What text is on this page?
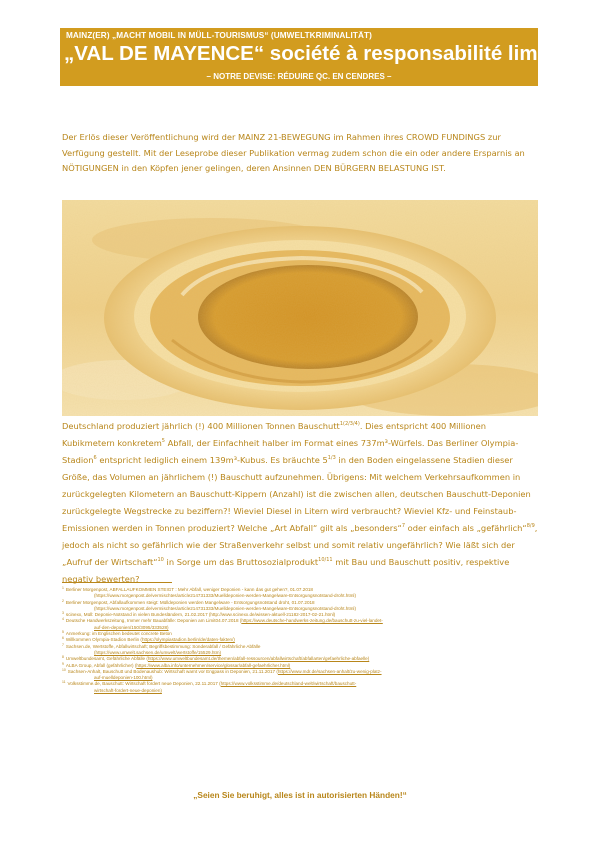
MAINZ(ER) „MACHT MOBIL IN MÜLL-TOURISMUS“ (UMWELTKRIMINALITÄT)
„VAL DE MAYENCE“ société à responsabilité limitée“
– NOTRE DEVISE: RÉDUIRE QC. EN CENDRES –

Der Erlös dieser Veröffentlichung wird der MAINZ 21-BEWEGUNG im Rahmen ihres CROWD FUNDINGS zur Verfügung gestellt. Mit der Leseprobe dieser Publikation vermag zudem schon die ein oder andere Ersparnis an NÖTIGUNGEN in den Köpfen jener gelingen, deren Ansinnen DEN BÜRGERN BELASTUNG IST.

Deutschland produziert jährlich (!) 400 Millionen Tonnen Bauschutt$^{1(2/3/4)}$. Dies entspricht 400 Millionen Kubikmetern konkretem$^5$ Abfall, der Einfachheit halber im Format eines 737m³-Würfels. Das Berliner Olympia-Stadion$^6$ entspricht lediglich einem 139m³-Kubus. Es bräuchte $5^{1/3}$ in den Boden eingelassene Stadien dieser Größe, das Volumen an jährlichem (!) Bauschutt aufzunehmen. Übrigens: Mit welchem Verkehrsaufkommen in zurückgelegten Kilometern an Bauschutt-Kippern (Anzahl) ist die zwischen allen, deutschen Bauschutt-Deponien zurückgelegte Wegstrecke zu beziffern?! Wieviel Diesel in Litern wird verbraucht? Wieviel Kfz- und Feinstaub-Emissionen werden in Tonnen produziert? Welche „Art Abfall“ gilt als „besonders“$^7$ oder einfach als „gefährlich“$^{8/9}$, jedoch als nicht so gefährlich wie der Straßenverkehr selbst und somit relativ ungefährlich? Wie läßt sich der „Aufruf der Wirtschaft“$^{10}$ in Sorge um das Bruttosozialprodukt$^{10/11}$ mit Bau und Bauschutt positiv, respektive negativ bewerten?

$^1$ Berliner Morgenpost, ABFALLAUFKOMMEN STEIGT : Mehr Abfall, weniger Deponien - kann das gut gehen?, 01.07.2018
(https://www.morgenpost.de/vermischtes/article214731333/Muelldeponien-werden-Mangelware-Entsorgungsnotstand-droht.html)
$^2$ Berliner Morgenpost, Abfallaufkommen steigt: Mülldeponien werden Mangelware - Entsorgungsnotstand droht, 01.07.2018
(https://www.morgenpost.de/vermischtes/article214731333/Muelldeponien-werden-Mangelware-Entsorgungsnotstand-droht.html)
$^3$ scinexx, Müll: Deponie-Notstand in vielen Bundesländern, 21.02.2017 (http://www.scinexx.de/wissen-aktuell-21182-2017-02-21.html)
$^4$ Deutsche Handwerkszeitung, Immer mehr Bauabfälle: Deponien am Limit04.07.2018 (https://www.deutsche-handwerks-zeitung.de/bauschutt-zu-viel-landet-
auf-den-deponien/150/3095/333528)
$^5$ Anmerkung: im Englischen bedeutet concrete Beton
$^6$ Willkommen Olympia-Stadion Berlin (https://olympiastadion.berlin/de/daten-fakten/)
$^7$ Sachsen.de, Wertstoffe, Abfallwirtschaft; Begriffsbestimmung: Sonderabfall / Gefährliche Abfälle
(https://www.umwelt.sachsen.de/umwelt/wertstoffe/15529.htm)
$^8$ Umweltbundesamt, Gefährliche Abfälle (https://www.umweltbundesamt.de/themen/abfall-ressourcen/abfallwirtschaft/abfallarten/gefaehrliche-abfaelle)
$^9$ ALBA Group, Abfall (gefährlicher) (https://www.alba.info/unternehmen/service/glossar/abfall-gefaehrlicher.html)
$^{10}$ Sachsen-Anhalt, Bauschutt und Bodenaushub: Wirtschaft warnt vor Engpass in Deponien, 21.11.2017 (https://www.mdr.de/sachsen-anhalt/zu-wenig-platz-
auf-muelldeponien-100.html)
$^{11}$ Volksstimme.de, Bauschutt: Wirtschaft fordert neue Deponien, 22.11.2017 (https://www.volksstimme.de/deutschland-welt/wirtschaft/bauschutt-
wirtschaft-fordert-neue-deponien)
„Seien Sie beruhigt, alles ist in autorisierten Händen!“
